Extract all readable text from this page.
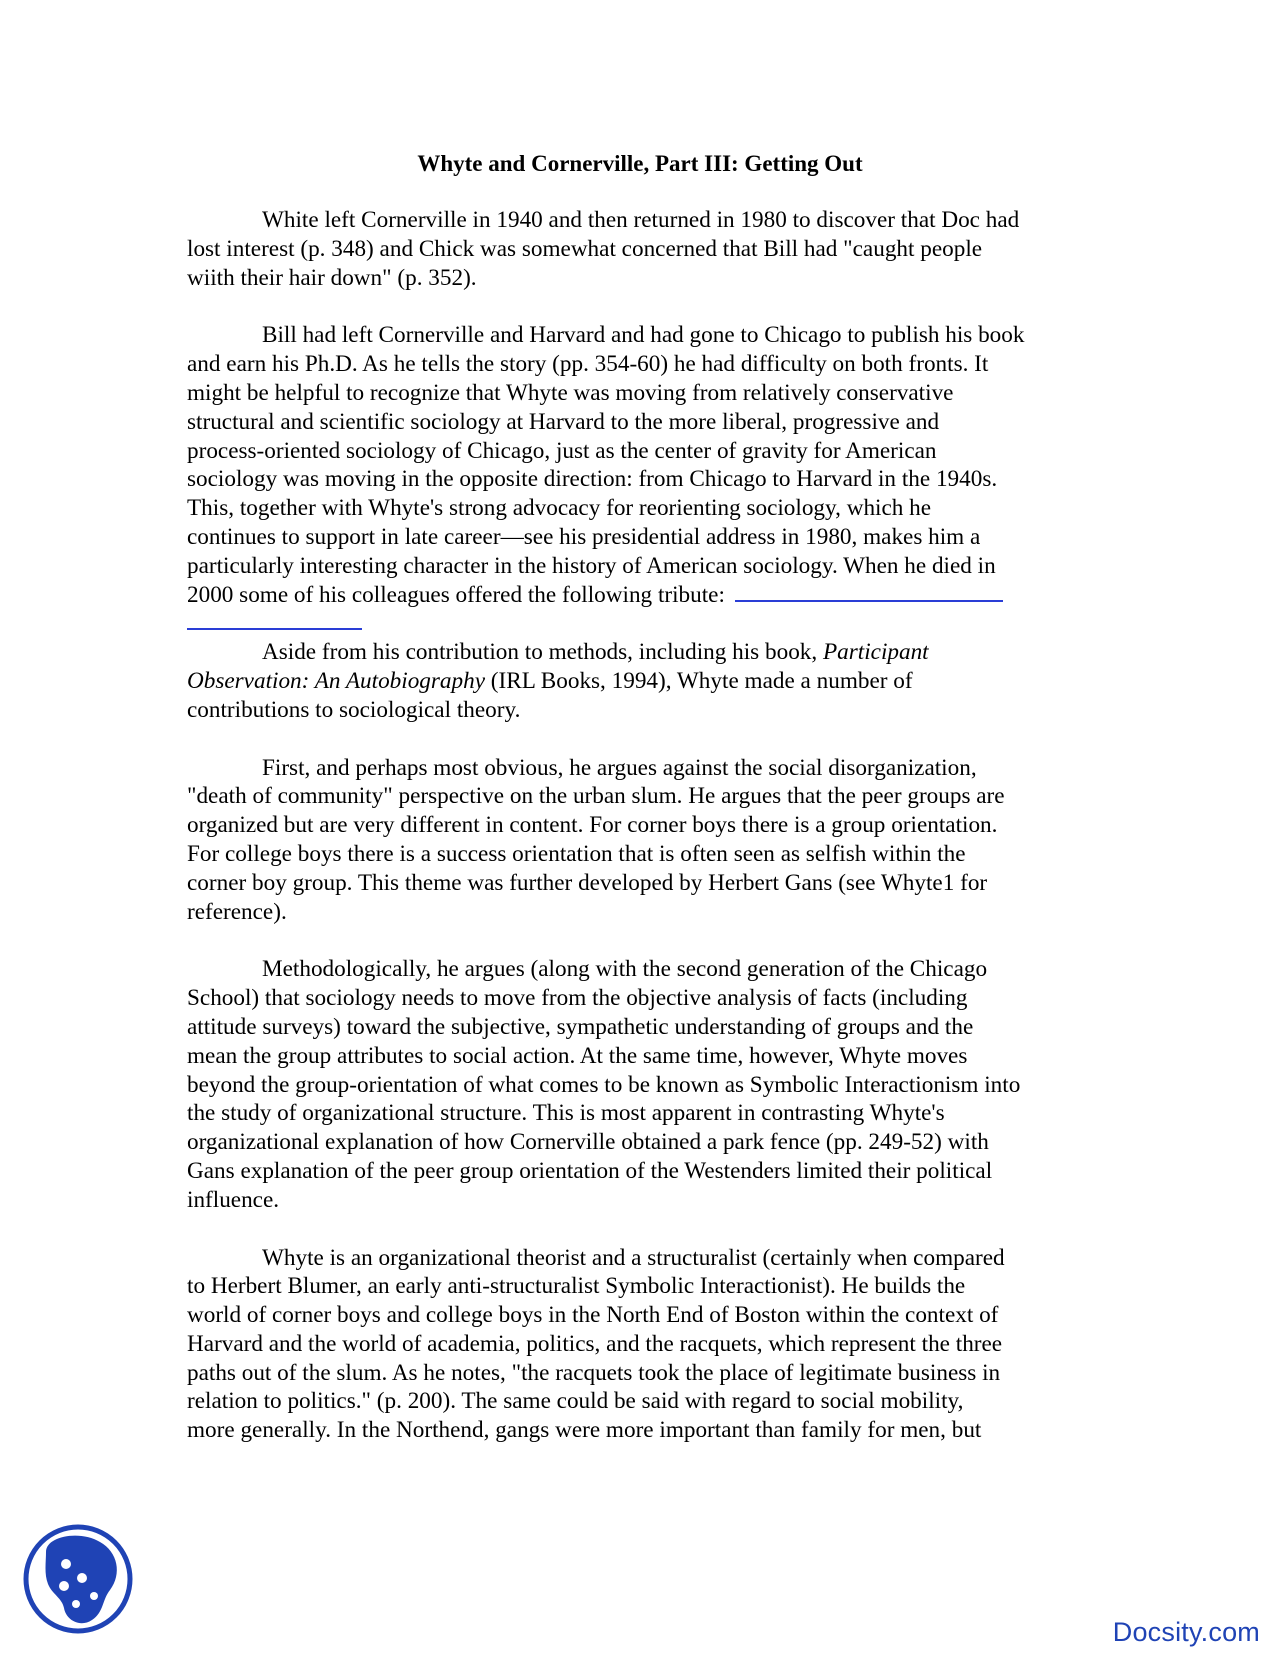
Whyte and Cornerville, Part III: Getting Out

White left Cornerville in 1940 and then returned in 1980 to discover that Doc had
lost interest (p. 348) and Chick was somewhat concerned that Bill had "caught people
wiith their hair down" (p. 352).

Bill had left Cornerville and Harvard and had gone to Chicago to publish his book
and earn his Ph.D. As he tells the story (pp. 354-60) he had difficulty on both fronts. It
might be helpful to recognize that Whyte was moving from relatively conservative
structural and scientific sociology at Harvard to the more liberal, progressive and
process-oriented sociology of Chicago, just as the center of gravity for American
sociology was moving in the opposite direction: from Chicago to Harvard in the 1940s.
This, together with Whyte's strong advocacy for reorienting sociology, which he
continues to support in late career—see his presidential address in 1980, makes him a
particularly interesting character in the history of American sociology. When he died in
2000 some of his colleagues offered the following tribute:

Aside from his contribution to methods, including his book, Participant
Observation: An Autobiography (IRL Books, 1994), Whyte made a number of
contributions to sociological theory.

First, and perhaps most obvious, he argues against the social disorganization,
"death of community" perspective on the urban slum. He argues that the peer groups are
organized but are very different in content. For corner boys there is a group orientation.
For college boys there is a success orientation that is often seen as selfish within the
corner boy group. This theme was further developed by Herbert Gans (see Whyte1 for
reference).

Methodologically, he argues (along with the second generation of the Chicago
School) that sociology needs to move from the objective analysis of facts (including
attitude surveys) toward the subjective, sympathetic understanding of groups and the
mean the group attributes to social action. At the same time, however, Whyte moves
beyond the group-orientation of what comes to be known as Symbolic Interactionism into
the study of organizational structure. This is most apparent in contrasting Whyte's
organizational explanation of how Cornerville obtained a park fence (pp. 249-52) with
Gans explanation of the peer group orientation of the Westenders limited their political
influence.

Whyte is an organizational theorist and a structuralist (certainly when compared
to Herbert Blumer, an early anti-structuralist Symbolic Interactionist). He builds the
world of corner boys and college boys in the North End of Boston within the context of
Harvard and the world of academia, politics, and the racquets, which represent the three
paths out of the slum. As he notes, "the racquets took the place of legitimate business in
relation to politics." (p. 200). The same could be said with regard to social mobility,
more generally. In the Northend, gangs were more important than family for men, but

Docsity.com
